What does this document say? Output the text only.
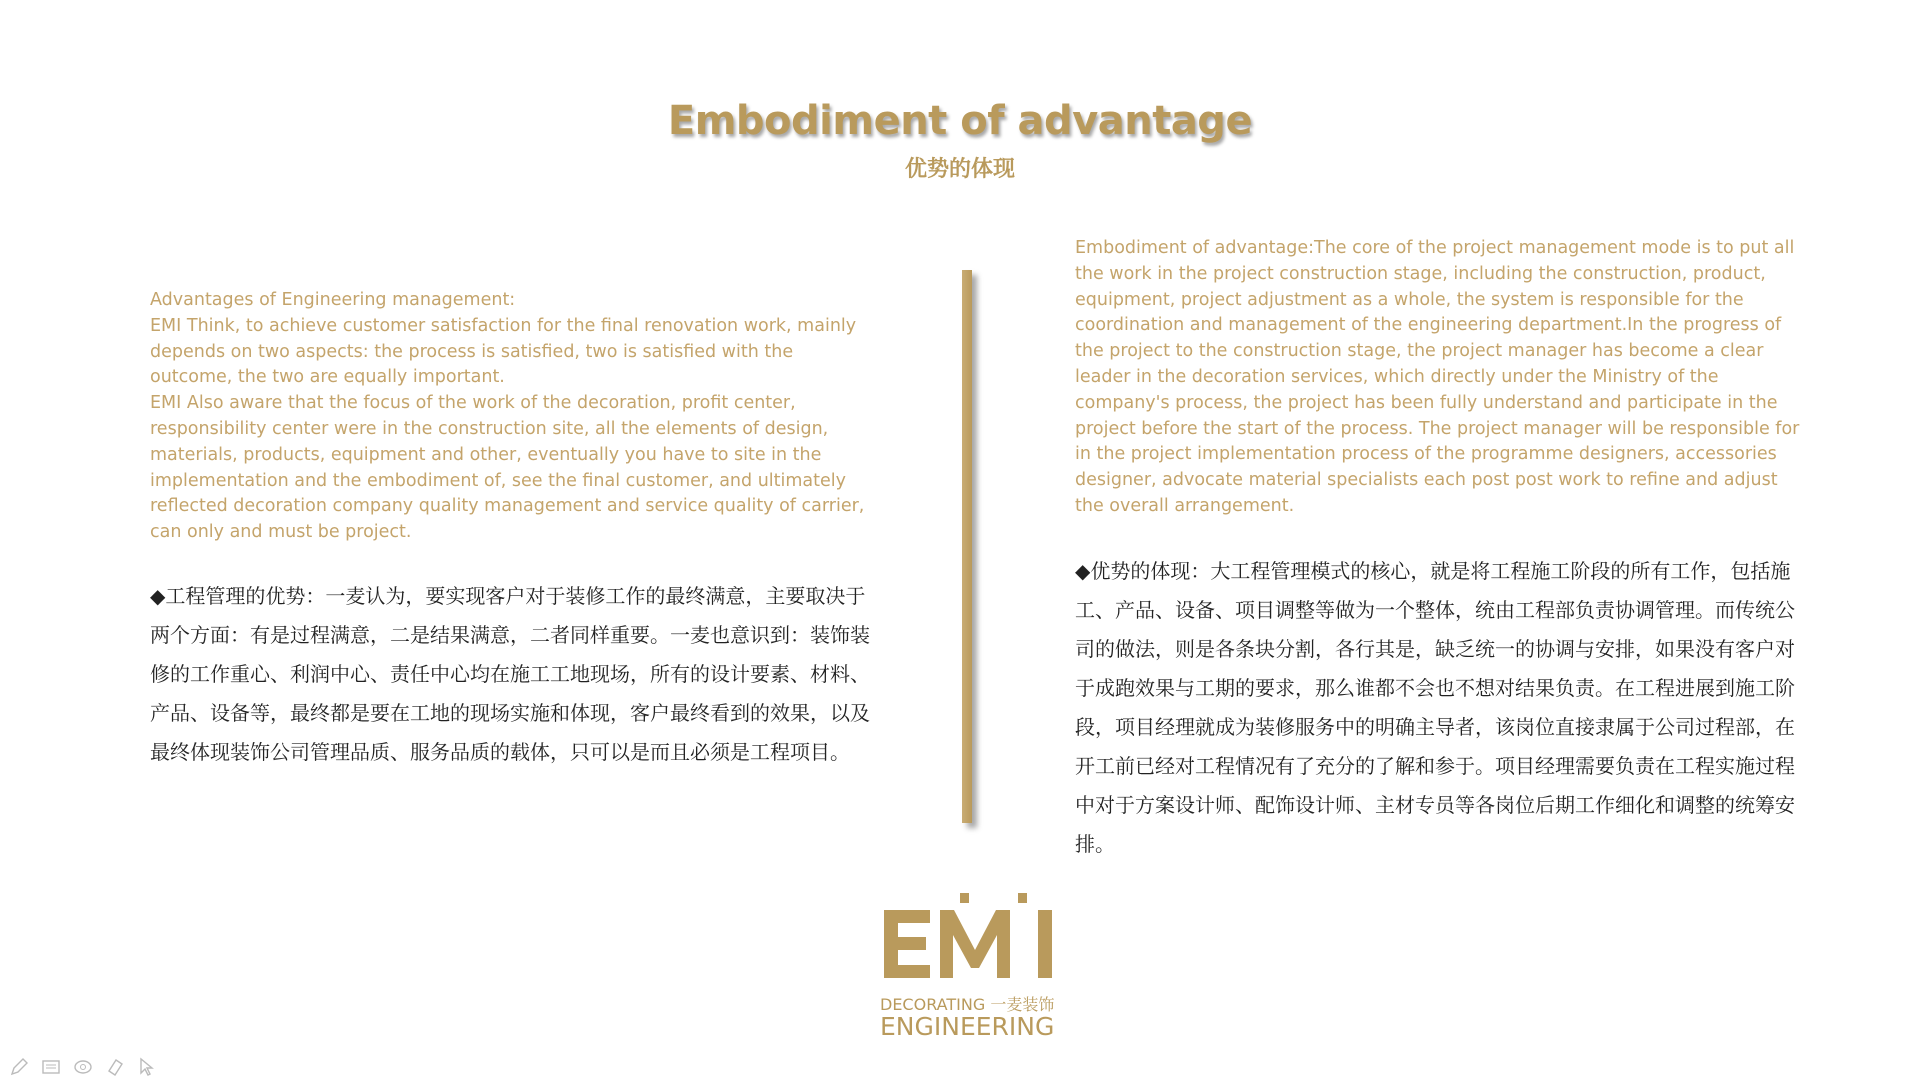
Embodiment of advantage
优势的体现
Advantages of Engineering management:
EMI Think, to achieve customer satisfaction for the final renovation work, mainly depends on two aspects: the process is satisfied, two is satisfied with the outcome, the two are equally important.
EMI Also aware that the focus of the work of the decoration, profit center, responsibility center were in the construction site, all the elements of design, materials, products, equipment and other, eventually you have to site in the implementation and the embodiment of, see the final customer, and ultimately reflected decoration company quality management and service quality of carrier, can only and must be project.
◆工程管理的优势：一麦认为，要实现客户对于装修工作的最终满意，主要取决于两个方面：有是过程满意，二是结果满意，二者同样重要。一麦也意识到：装饰装修的工作重心、利润中心、责任中心均在施工工地现场，所有的设计要素、材料、产品、设备等，最终都是要在工地的现场实施和体现，客户最终看到的效果，以及最终体现装饰公司管理品质、服务品质的载体，只可以是而且必须是工程项目。
Embodiment of advantage:The core of the project management mode is to put all the work in the project construction stage, including the construction, product, equipment, project adjustment as a whole, the system is responsible for the coordination and management of the engineering department.In the progress of the project to the construction stage, the project manager has become a clear leader in the decoration services, which directly under the Ministry of the company's process, the project has been fully understand and participate in the project before the start of the process. The project manager will be responsible for in the project implementation process of the programme designers, accessories designer, advocate material specialists each post post work to refine and adjust the overall arrangement.
◆优势的体现：大工程管理模式的核心，就是将工程施工阶段的所有工作，包括施工、产品、设备、项目调整等做为一个整体，统由工程部负责协调管理。而传统公司的做法，则是各条块分割，各行其是，缺乏统一的协调与安排，如果没有客户对于成跑效果与工期的要求，那么谁都不会也不想对结果负责。在工程进展到施工阶段，项目经理就成为装修服务中的明确主导者，该岗位直接隶属于公司过程部，在开工前已经对工程情况有了充分的了解和参于。项目经理需要负责在工程实施过程中对于方案设计师、配饰设计师、主材专员等各岗位后期工作细化和调整的统筹安排。
DECORATING 一麦装饰
ENGINEERING
